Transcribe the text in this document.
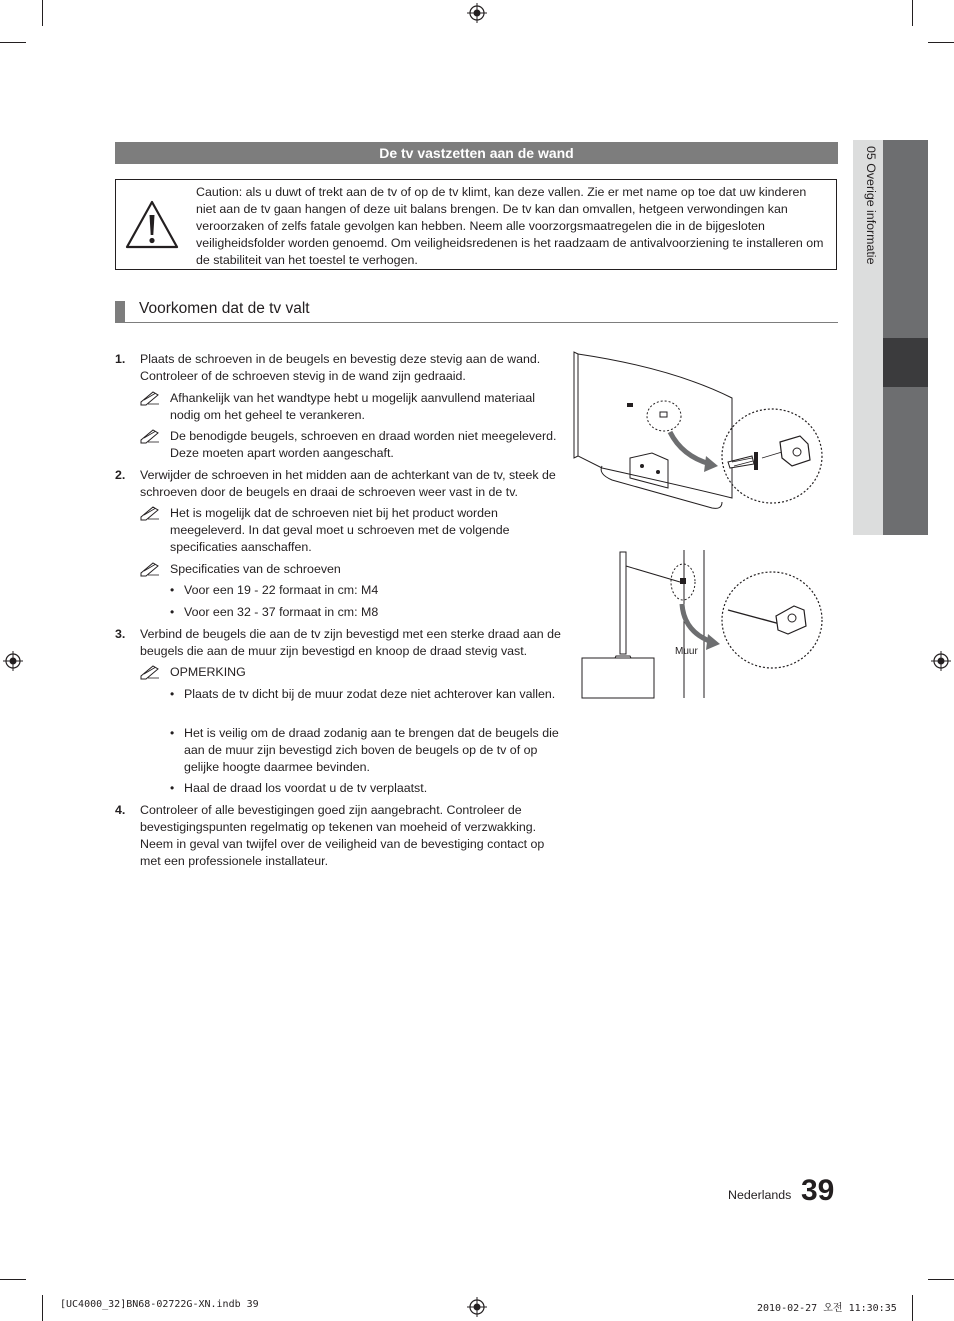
De tv vastzetten aan de wand
Caution: als u duwt of trekt aan de tv of op de tv klimt, kan deze vallen. Zie er met name op toe dat uw kinderen niet aan de tv gaan hangen of deze uit balans brengen. De tv kan dan omvallen, hetgeen verwondingen kan veroorzaken of zelfs fatale gevolgen kan hebben. Neem alle voorzorgsmaatregelen die in de bijgesloten veiligheidsfolder worden genoemd. Om veiligheidsredenen is het raadzaam de antivalvoorziening te installeren om de stabiliteit van het toestel te verhogen.
Voorkomen dat de tv valt
1. Plaats de schroeven in de beugels en bevestig deze stevig aan de wand. Controleer of de schroeven stevig in de wand zijn gedraaid.
Afhankelijk van het wandtype hebt u mogelijk aanvullend materiaal nodig om het geheel te verankeren.
De benodigde beugels, schroeven en draad worden niet meegeleverd. Deze moeten apart worden aangeschaft.
2. Verwijder de schroeven in het midden aan de achterkant van de tv, steek de schroeven door de beugels en draai de schroeven weer vast in de tv.
Het is mogelijk dat de schroeven niet bij het product worden meegeleverd. In dat geval moet u schroeven met de volgende specificaties aanschaffen.
Specificaties van de schroeven
• Voor een 19 - 22 formaat in cm: M4
• Voor een 32 - 37 formaat in cm: M8
3. Verbind de beugels die aan de tv zijn bevestigd met een sterke draad aan de beugels die aan de muur zijn bevestigd en knoop de draad stevig vast.
OPMERKING
• Plaats de tv dicht bij de muur zodat deze niet achterover kan vallen.
• Het is veilig om de draad zodanig aan te brengen dat de beugels die aan de muur zijn bevestigd zich boven de beugels op de tv of op gelijke hoogte daarmee bevinden.
• Haal de draad los voordat u de tv verplaatst.
4. Controleer of alle bevestigingen goed zijn aangebracht. Controleer de bevestigingspunten regelmatig op tekenen van moeheid of verzwakking. Neem in geval van twijfel over de veiligheid van de bevestiging contact op met een professionele installateur.
Muur
05 Overige informatie
Nederlands 39
[UC4000_32]BN68-02722G-XN.indb 39	2010-02-27 오전 11:30:35
